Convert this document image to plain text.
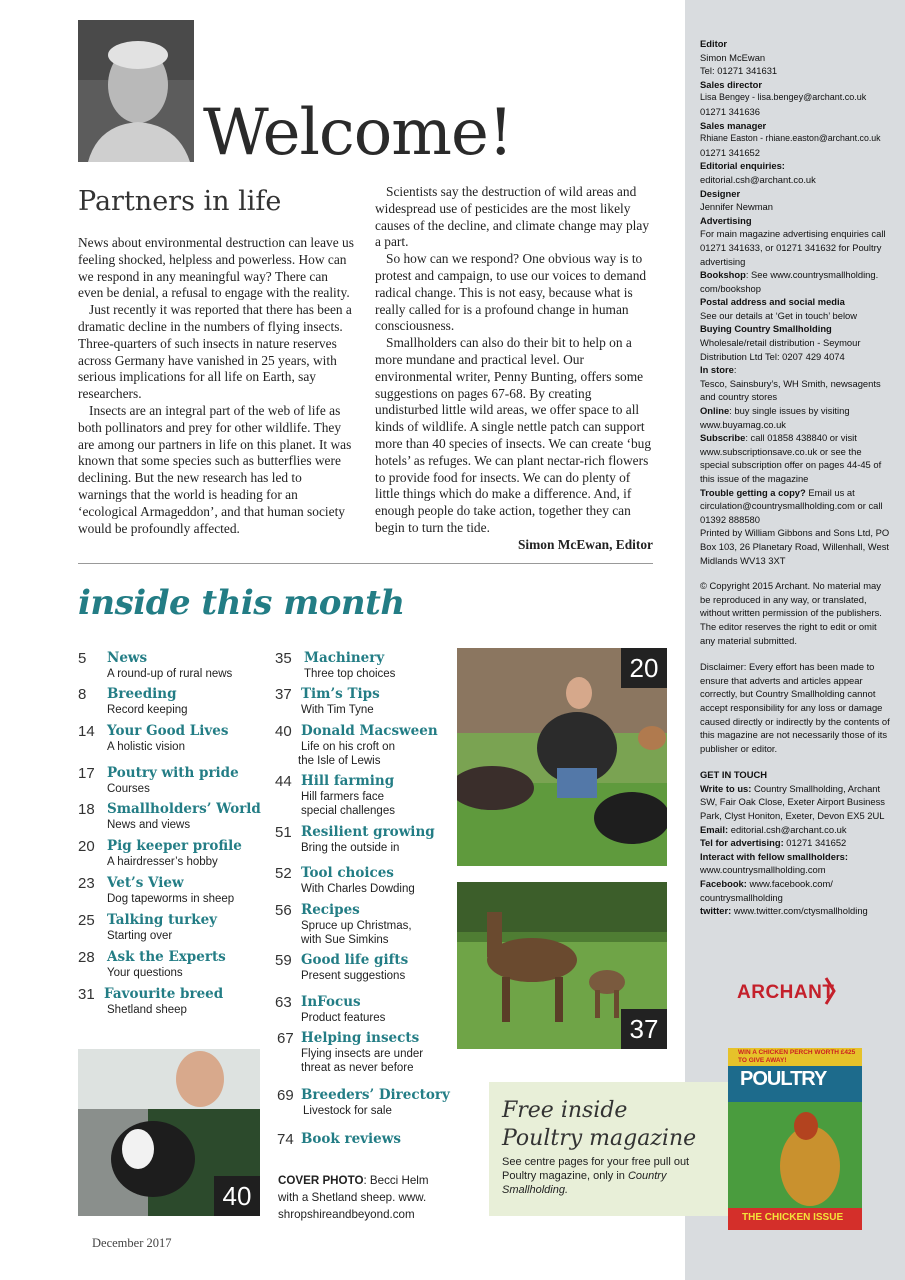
Editor

Simon McEwan

Tel: 01271 341631

Sales director

Lisa Bengey - lisa.bengey@archant.co.uk

01271 341636

Sales manager

Rhiane Easton - rhiane.easton@archant.co.uk

01271 341652

Editorial enquiries:

editorial.csh@archant.co.uk

Designer

Jennifer Newman

Advertising

For main magazine advertising enquiries call 01271 341633, or 01271 341632 for Poultry advertising

Bookshop: See www.countrysmallholding. com/bookshop

Postal address and social media

See our details at ‘Get in touch’ below

Buying Country Smallholding

Wholesale/retail distribution - Seymour Distribution Ltd Tel: 0207 429 4074

In store:

Tesco, Sainsbury’s, WH Smith, newsagents and country stores

Online: buy single issues by visiting www.buyamag.co.uk

Subscribe: call 01858 438840 or visit www.subscriptionsave.co.uk or see the special subscription offer on pages 44-45 of this issue of the magazine

Trouble getting a copy? Email us at circulation@countrysmallholding.com or call 01392 888580

Printed by William Gibbons and Sons Ltd, PO Box 103, 26 Planetary Road, Willenhall, West Midlands WV13 3XT

© Copyright 2015 Archant. No material may be reproduced in any way, or translated, without written permission of the publishers. The editor reserves the right to edit or omit any material submitted.

Disclaimer: Every effort has been made to ensure that adverts and articles appear correctly, but Country Smallholding cannot accept responsibility for any loss or damage caused directly or indirectly by the contents of this magazine are not necessarily those of its publisher or editor.

GET IN TOUCH

Write to us: Country Smallholding, Archant SW, Fair Oak Close, Exeter Airport Business Park, Clyst Honiton, Exeter, Devon EX5 2UL

Email: editorial.csh@archant.co.uk

Tel for advertising: 01271 341652

Interact with fellow smallholders:

www.countrysmallholding.com

Facebook: www.facebook.com/ countrysmallholding

twitter: www.twitter.com/ctysmallholding

ARCHANT
Welcome!
Partners in life

News about environmental destruction can leave us feeling shocked, helpless and powerless. How can we respond in any meaningful way? There can even be denial, a refusal to engage with the reality.

Just recently it was reported that there has been a dramatic decline in the numbers of flying insects. Three-quarters of such insects in nature reserves across Germany have vanished in 25 years, with serious implications for all life on Earth, say researchers.

Insects are an integral part of the web of life as both pollinators and prey for other wildlife. They are among our partners in life on this planet. It was known that some species such as butterflies were declining. But the new research has led to warnings that the world is heading for an ‘ecological Armageddon’, and that human society would be profoundly affected.

Scientists say the destruction of wild areas and widespread use of pesticides are the most likely causes of the decline, and climate change may play a part.

So how can we respond? One obvious way is to protest and campaign, to use our voices to demand radical change. This is not easy, because what is really called for is a profound change in human consciousness.

Smallholders can also do their bit to help on a more mundane and practical level. Our environmental writer, Penny Bunting, offers some suggestions on pages 67-68. By creating undisturbed little wild areas, we offer space to all kinds of wildlife. A single nettle patch can support more than 40 species of insects. We can create ‘bug hotels’ as refuges. We can plant nectar-rich flowers to provide food for insects. We can do plenty of little things which do make a difference. And, if enough people do take action, together they can begin to turn the tide.

Simon McEwan, Editor
inside this month
5 News
A round-up of rural news
8 Breeding
Record keeping
14 Your Good Lives
A holistic vision
17 Poutry with pride
Courses
18 Smallholders’ World
News and views
20 Pig keeper profile
A hairdresser’s hobby
23 Vet’s View
Dog tapeworms in sheep
25 Talking turkey
Starting over
28 Ask the Experts
Your questions
31 Favourite breed
Shetland sheep
35 Machinery
Three top choices
37 Tim’s Tips
With Tim Tyne
40 Donald Macsween
Life on his croft on
the Isle of Lewis
44 Hill farming
Hill farmers face
special challenges
51 Resilient growing
Bring the outside in
52 Tool choices
With Charles Dowding
56 Recipes
Spruce up Christmas,
with Sue Simkins
59 Good life gifts
Present suggestions
63 InFocus
Product features
67 Helping insects
Flying insects are under
threat as never before
69 Breeders’ Directory
Livestock for sale
74 Book reviews
20
37
40
COVER PHOTO: Becci Helm with a Shetland sheep. www. shropshireandbeyond.com
Free inside
Poultry magazine
See centre pages for your free pull out Poultry magazine, only in Country Smallholding.
WIN A CHICKEN PERCH WORTH £425 TO GIVE AWAY!
POULTRY
THE CHICKEN ISSUE
December 2017
